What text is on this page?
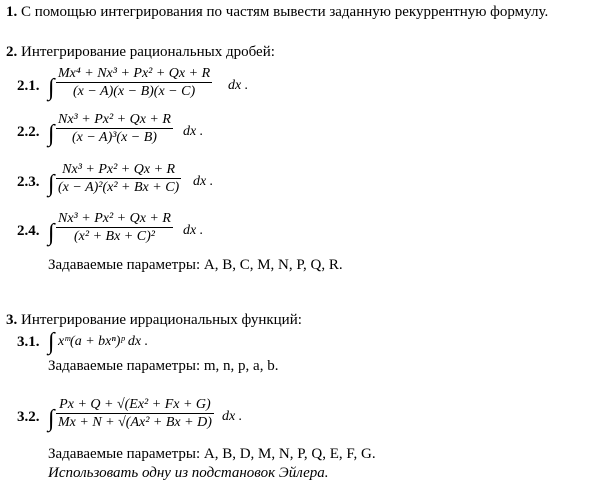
1. С помощью интегрирования по частям вывести заданную рекуррентную формулу.
2. Интегрирование рациональных дробей:
2.1. ∫
Mx⁴ + Nx³ + Px² + Qx + R
(x − A)(x − B)(x − C) dx .
2.2. ∫
Nx³ + Px² + Qx + R
(x − A)³(x − B) dx .
2.3. ∫
Nx³ + Px² + Qx + R
(x − A)²(x² + Bx + C) dx .
2.4. ∫
Nx³ + Px² + Qx + R
(x² + Bx + C)² dx .
Задаваемые параметры: A, B, C, M, N, P, Q, R.
3. Интегрирование иррациональных функций:
3.1. ∫ xᵐ(a + bxⁿ)ᵖ dx .
Задаваемые параметры: m, n, p, a, b.
3.2. ∫
Px + Q + √(Ex² + Fx + G)
Mx + N + √(Ax² + Bx + D) dx .
Задаваемые параметры: A, B, D, M, N, P, Q, E, F, G.
Использовать одну из подстановок Эйлера.
